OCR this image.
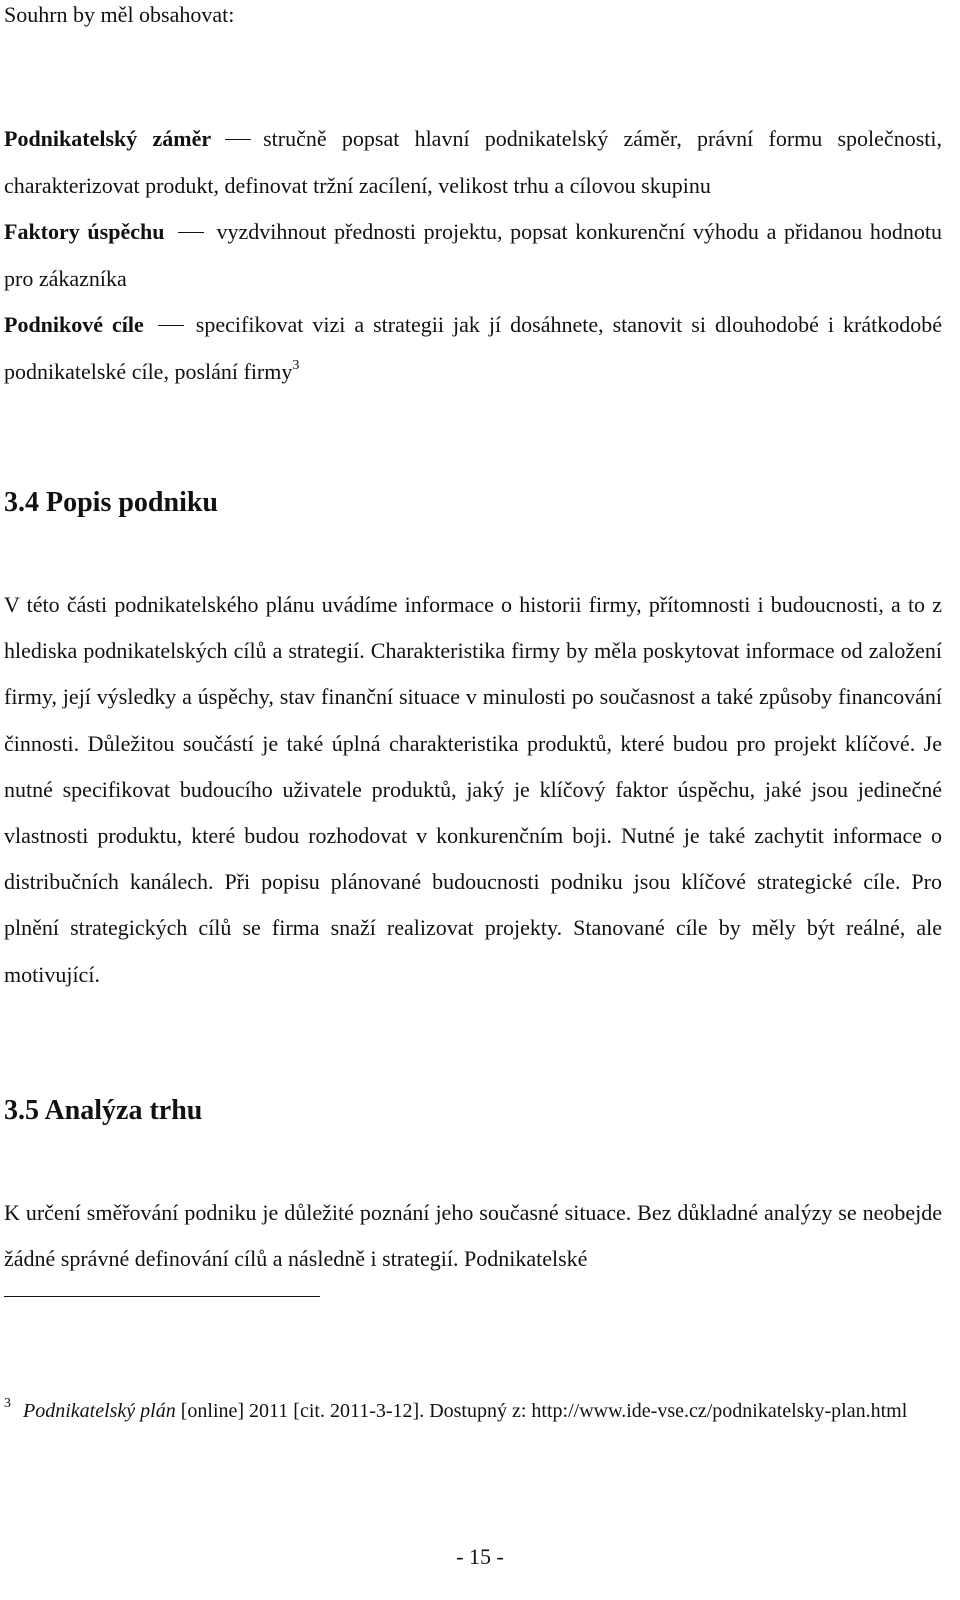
Souhrn by měl obsahovat:
Podnikatelský záměr stručně popsat hlavní podnikatelský záměr, právní formu společnosti, charakterizovat produkt, definovat tržní zacílení, velikost trhu a cílovou skupinu
Faktory úspěchu vyzdvihnout přednosti projektu, popsat konkurenční výhodu a přidanou hodnotu pro zákazníka
Podnikové cíle specifikovat vizi a strategii jak jí dosáhnete, stanovit si dlouhodobé i krátkodobé podnikatelské cíle, poslání firmy$^3$
3.4 Popis podniku
V této části podnikatelského plánu uvádíme informace o historii firmy, přítomnosti i budoucnosti, a to z hlediska podnikatelských cílů a strategií. Charakteristika firmy by měla poskytovat informace od založení firmy, její výsledky a úspěchy, stav finanční situace v minulosti po současnost a také způsoby financování činnosti. Důležitou součástí je také úplná charakteristika produktů, které budou pro projekt klíčové. Je nutné specifikovat budoucího uživatele produktů, jaký je klíčový faktor úspěchu, jaké jsou jedinečné vlastnosti produktu, které budou rozhodovat v konkurenčním boji. Nutné je také zachytit informace o distribučních kanálech. Při popisu plánované budoucnosti podniku jsou klíčové strategické cíle. Pro plnění strategických cílů se firma snaží realizovat projekty. Stanované cíle by měly být reálné, ale motivující.
3.5 Analýza trhu
K určení směřování podniku je důležité poznání jeho současné situace. Bez důkladné analýzy se neobejde žádné správné definování cílů a následně i strategií. Podnikatelské
$^3$ Podnikatelský plán [online] 2011 [cit. 2011-3-12]. Dostupný z: http://www.ide-vse.cz/podnikatelsky-plan.html
- 15 -
